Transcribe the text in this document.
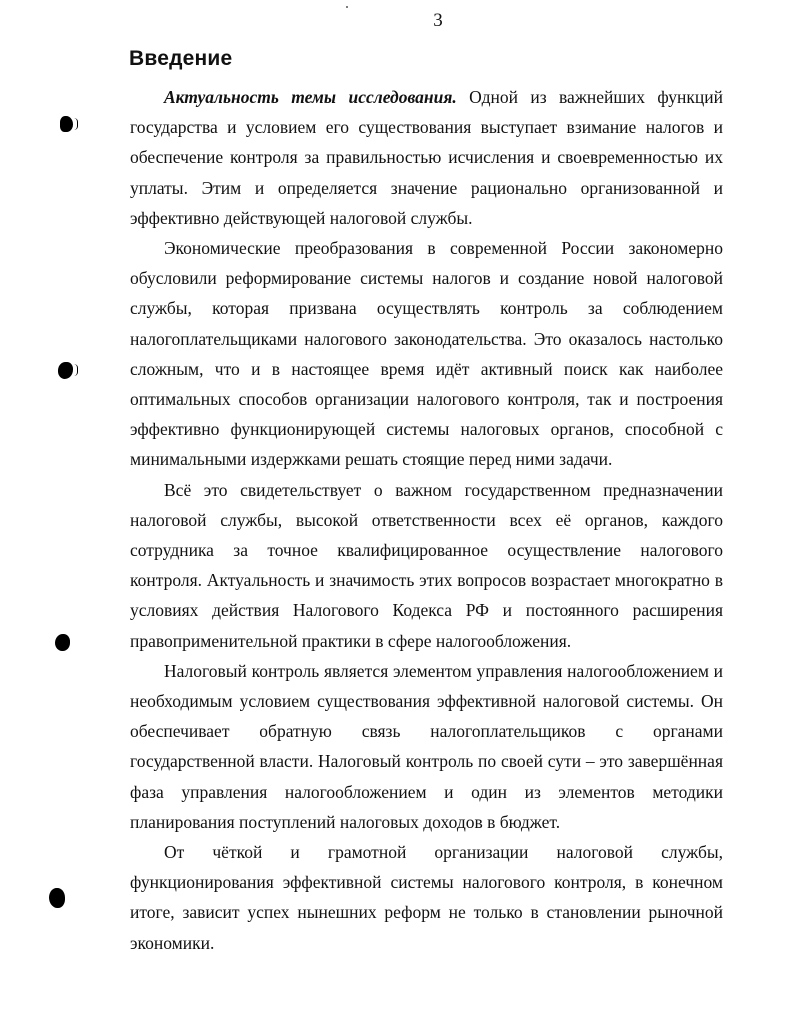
3
Введение

Актуальность темы исследования. Одной из важнейших функций государства и условием его существования выступает взимание налогов и обеспечение контроля за правильностью исчисления и своевременностью их уплаты. Этим и определяется значение рационально организованной и эффективно действующей налоговой службы.

Экономические преобразования в современной России закономерно обусловили реформирование системы налогов и создание новой налоговой службы, которая призвана осуществлять контроль за соблюдением налогоплательщиками налогового законодательства. Это оказалось настолько сложным, что и в настоящее время идёт активный поиск как наиболее оптимальных способов организации налогового контроля, так и построения эффективно функционирующей системы налоговых органов, способной с минимальными издержками решать стоящие перед ними задачи.

Всё это свидетельствует о важном государственном предназначении налоговой службы, высокой ответственности всех её органов, каждого сотрудника за точное квалифицированное осуществление налогового контроля. Актуальность и значимость этих вопросов возрастает многократно в условиях действия Налогового Кодекса РФ и постоянного расширения правоприменительной практики в сфере налогообложения.

Налоговый контроль является элементом управления налогообложением и необходимым условием существования эффективной налоговой системы. Он обеспечивает обратную связь налогоплательщиков с органами государственной власти. Налоговый контроль по своей сути – это завершённая фаза управления налогообложением и один из элементов методики планирования поступлений налоговых доходов в бюджет.

От чёткой и грамотной организации налоговой службы, функционирования эффективной системы налогового контроля, в конечном итоге, зависит успех нынешних реформ не только в становлении рыночной экономики.
